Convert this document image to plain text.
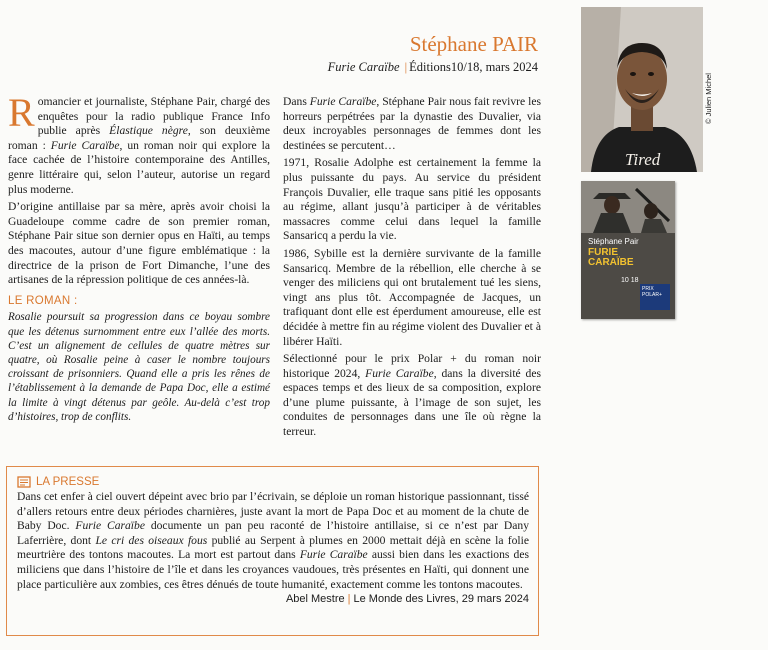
Stéphane PAIR
Furie Caraïbe | Éditions10/18, mars 2024

Romancier et journaliste, Stéphane Pair, chargé des enquêtes pour la radio publique France Info publie après Élastique nègre, son deuxième roman : Furie Caraïbe, un roman noir qui explore la face cachée de l’histoire contemporaine des Antilles, genre littéraire qui, selon l’auteur, autorise un regard plus moderne.

D’origine antillaise par sa mère, après avoir choisi la Guadeloupe comme cadre de son premier roman, Stéphane Pair situe son dernier opus en Haïti, au temps des macoutes, autour d’une figure emblématique : la directrice de la prison de Fort Dimanche, l’une des artisanes de la répression politique de ces années-là.

LE ROMAN :

Rosalie poursuit sa progression dans ce boyau sombre que les détenus surnomment entre eux l’allée des morts. C’est un alignement de cellules de quatre mètres sur quatre, où Rosalie peine à caser le nombre toujours croissant de prisonniers. Quand elle a pris les rênes de l’établissement à la demande de Papa Doc, elle a estimé la limite à vingt détenus par geôle. Au-delà c’est trop d’histoires, trop de conflits.

Dans Furie Caraïbe, Stéphane Pair nous fait revivre les horreurs perpétrées par la dynastie des Duvalier, via deux incroyables personnages de femmes dont les destinées se percutent…

1971, Rosalie Adolphe est certainement la femme la plus puissante du pays. Au service du président François Duvalier, elle traque sans pitié les opposants au régime, allant jusqu’à participer à de véritables massacres comme celui dans lequel la famille Sansaricq a perdu la vie.

1986, Sybille est la dernière survivante de la famille Sansaricq. Membre de la rébellion, elle cherche à se venger des miliciens qui ont brutalement tué les siens, vingt ans plus tôt. Accompagnée de Jacques, un trafiquant dont elle est éperdument amoureuse, elle est décidée à mettre fin au régime violent des Duvalier et à libérer Haïti.

Sélectionné pour le prix Polar + du roman noir historique 2024, Furie Caraïbe, dans la diversité des espaces temps et des lieux de sa composition, explore d’une plume puissante, à l’image de son sujet, les conduites de personnages dans une île où règne la terreur.

Tired
© Julien Michel
Stéphane Pair
FURIE CARAÏBE
10 18
PRIX POLAR+
LA PRESSE

Dans cet enfer à ciel ouvert dépeint avec brio par l’écrivain, se déploie un roman historique passionnant, tissé d’allers retours entre deux périodes charnières, juste avant la mort de Papa Doc et au moment de la chute de Baby Doc. Furie Caraïbe documente un pan peu raconté de l’histoire antillaise, si ce n’est par Dany Laferrière, dont Le cri des oiseaux fous publié au Serpent à plumes en 2000 mettait déjà en scène la folie meurtrière des tontons macoutes. La mort est partout dans Furie Caraïbe aussi bien dans les exactions des miliciens que dans l’histoire de l’île et dans les croyances vaudoues, très présentes en Haïti, qui donnent une place particulière aux zombies, ces êtres dénués de toute humanité, exactement comme les tontons macoutes.

Abel Mestre | Le Monde des Livres, 29 mars 2024
